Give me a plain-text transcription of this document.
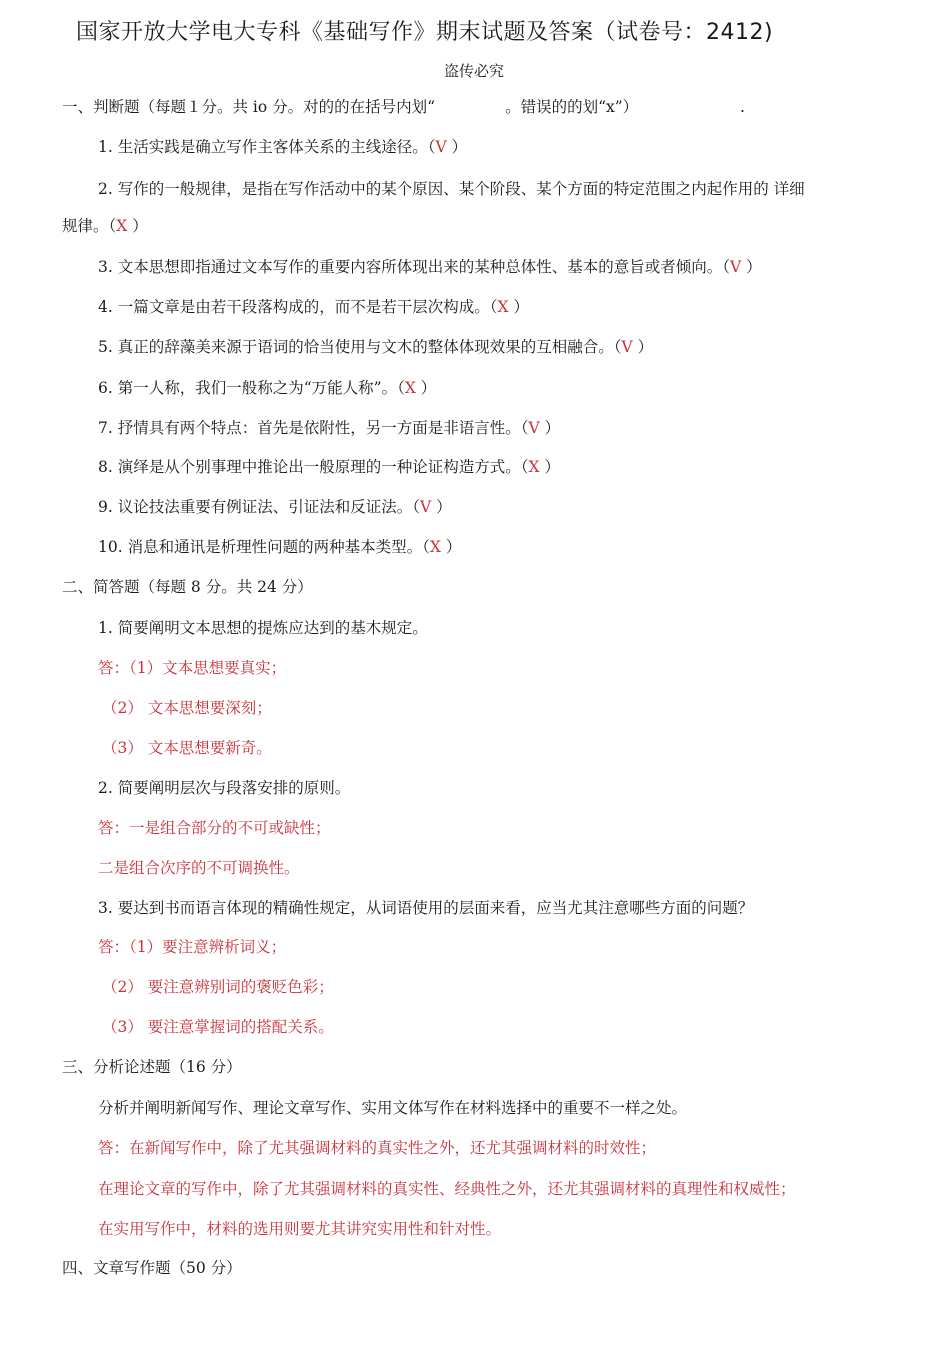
国家开放大学电大专科《基础写作》期末试题及答案（试卷号：2412)
盗传必究
一、判断题（每题１分。共 io 分。对的的在括号内划“	。错误的的划“x”）	.
1. 生活实践是确立写作主客体关系的主线途径。（V ）
2. 写作的一般规律，是指在写作活动中的某个原因、某个阶段、某个方面的特定范围之内起作用的 详细
规律。（X ）
3. 文本思想即指通过文本写作的重要内容所体现出来的某种总体性、基本的意旨或者倾向。（V ）
4. 一篇文章是由若干段落构成的，而不是若干层次构成。（X ）
5. 真正的辞藻美来源于语词的恰当使用与文木的整体体现效果的互相融合。（V ）
6. 第一人称，我们一般称之为“万能人称”。（X ）
7. 抒情具有两个特点：首先是依附性，另一方面是非语言性。（V ）
8. 演绎是从个别事理中推论出一般原理的一种论证构造方式。（X ）
9. 议论技法重要有例证法、引证法和反证法。（V ）
10. 消息和通讯是析理性问题的两种基本类型。（X ）
二、简答题（每题 8 分。共 24 分）
1. 简要阐明文本思想的提炼应达到的基木规定。
答：（1）文本思想要真实；
（2） 文本思想要深刻；
（3） 文本思想要新奇。
2. 简要阐明层次与段落安排的原则。
答：一是组合部分的不可或缺性；
二是组合次序的不可调换性。
3. 要达到书而语言体现的精确性规定，从词语使用的层面来看，应当尤其注意哪些方面的问题？
答：（1）要注意辨析词义；
（2） 要注意辨别词的褒贬色彩；
（3） 要注意掌握词的搭配关系。
三、分析论述题（16 分）
分析并阐明新闻写作、理论文章写作、实用文体写作在材料选择中的重要不一样之处。
答：在新闻写作中，除了尤其强调材料的真实性之外，还尤其强调材料的时效性；
在理论文章的写作中，除了尤其强调材料的真实性、经典性之外，还尤其强调材料的真理性和权威性；
在实用写作中，材料的选用则要尤其讲究实用性和针对性。
四、文章写作题（50 分）
